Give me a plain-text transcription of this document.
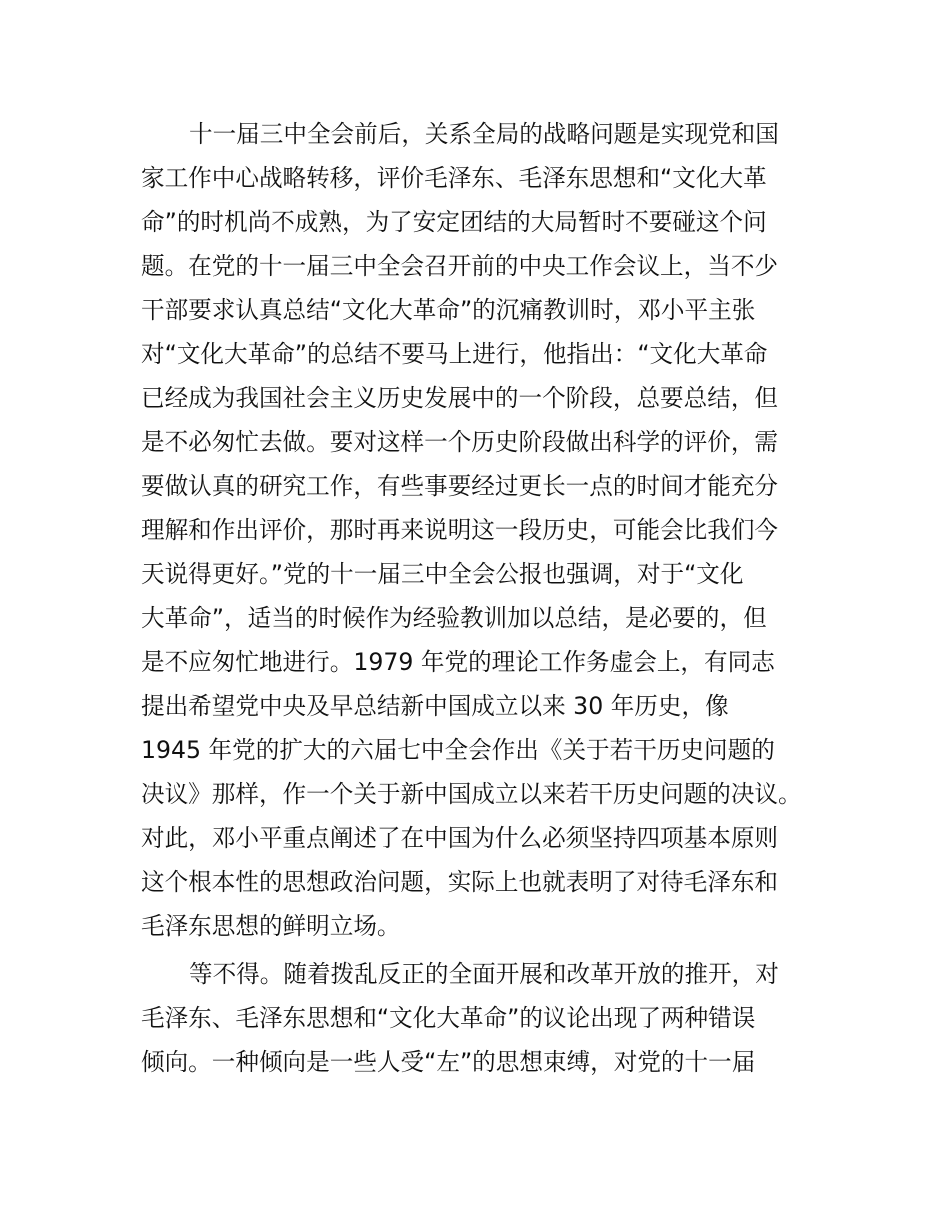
十一届三中全会前后，关系全局的战略问题是实现党和国
家工作中心战略转移，评价毛泽东、毛泽东思想和“文化大革
命”的时机尚不成熟，为了安定团结的大局暂时不要碰这个问
题。在党的十一届三中全会召开前的中央工作会议上，当不少
干部要求认真总结“文化大革命”的沉痛教训时，邓小平主张
对“文化大革命”的总结不要马上进行，他指出：“文化大革命
已经成为我国社会主义历史发展中的一个阶段，总要总结，但
是不必匆忙去做。要对这样一个历史阶段做出科学的评价，需
要做认真的研究工作，有些事要经过更长一点的时间才能充分
理解和作出评价，那时再来说明这一段历史，可能会比我们今
天说得更好。”党的十一届三中全会公报也强调，对于“文化
大革命”，适当的时候作为经验教训加以总结，是必要的，但
是不应匆忙地进行。1979 年党的理论工作务虚会上，有同志
提出希望党中央及早总结新中国成立以来 30 年历史，像
1945 年党的扩大的六届七中全会作出《关于若干历史问题的
决议》那样，作一个关于新中国成立以来若干历史问题的决议。
对此，邓小平重点阐述了在中国为什么必须坚持四项基本原则
这个根本性的思想政治问题，实际上也就表明了对待毛泽东和
毛泽东思想的鲜明立场。
等不得。随着拨乱反正的全面开展和改革开放的推开，对
毛泽东、毛泽东思想和“文化大革命”的议论出现了两种错误
倾向。一种倾向是一些人受“左”的思想束缚，对党的十一届
